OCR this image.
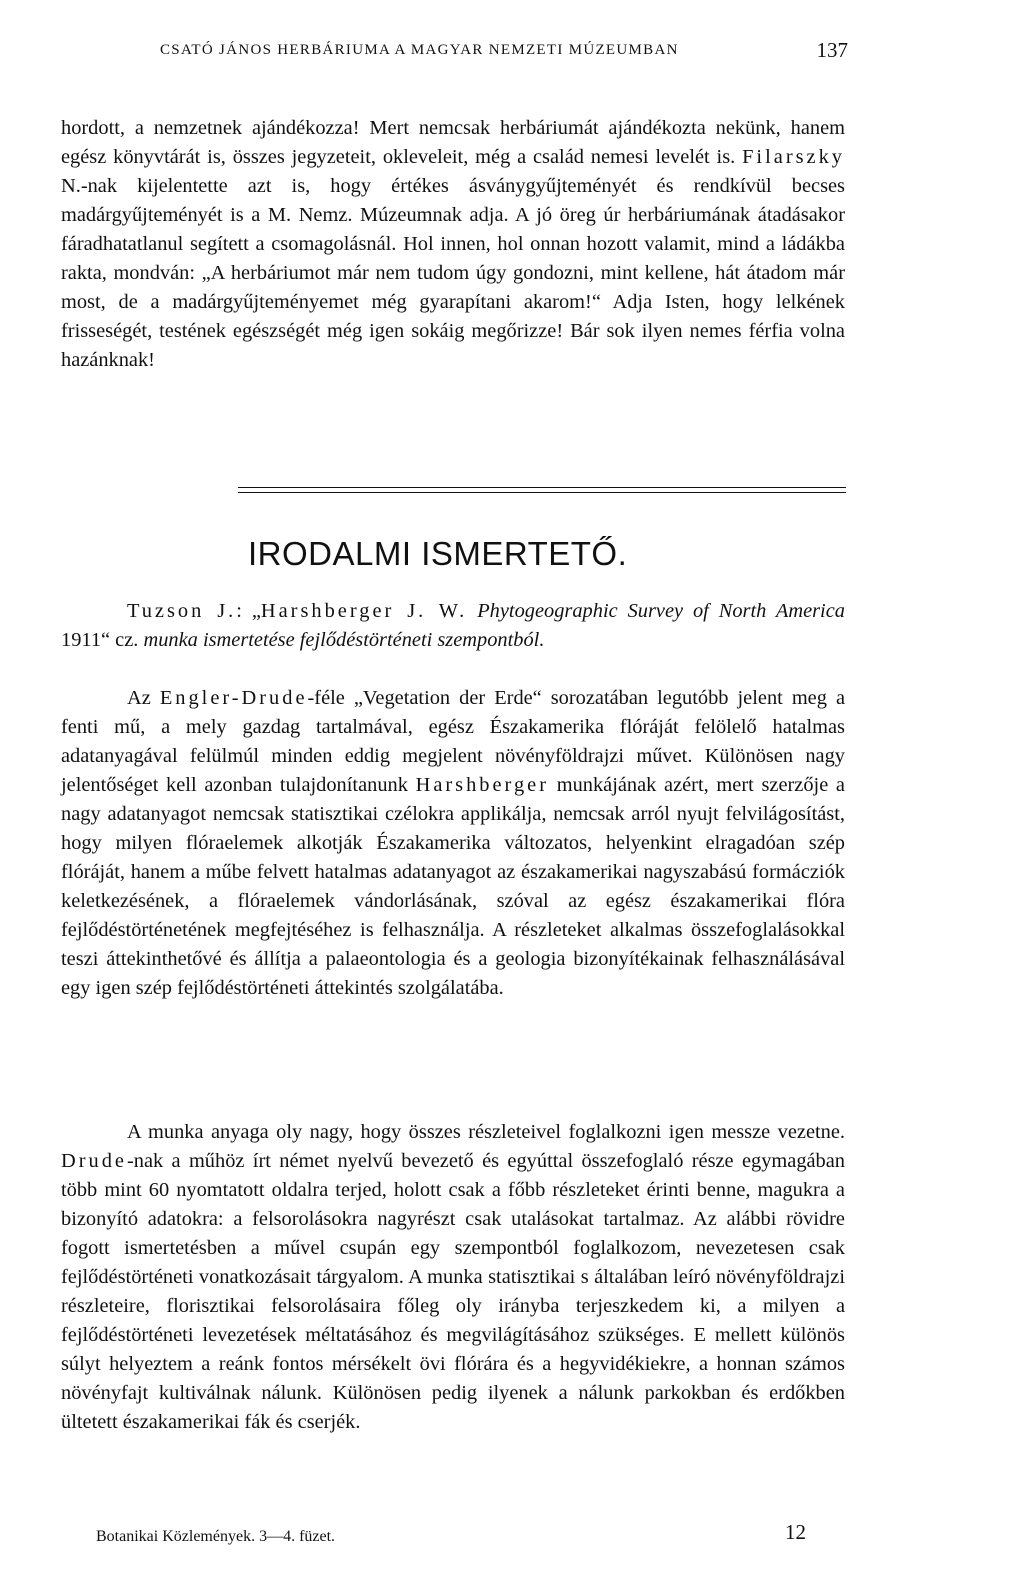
CSATÓ JÁNOS HERBÁRIUMA A MAGYAR NEMZETI MÚZEUMBAN	137

hordott, a nemzetnek ajándékozza! Mert nemcsak herbáriumát ajándékozta nekünk, hanem egész könyvtárát is, összes jegyzeteit, okleveleit, még a család nemesi levelét is. Filarszky N.-nak kijelentette azt is, hogy értékes ásványgyűjteményét és rendkívül becses madárgyűjteményét is a M. Nemz. Múzeumnak adja. A jó öreg úr herbáriumának átadásakor fáradhatatlanul segített a csomagolásnál. Hol innen, hol onnan hozott valamit, mind a ládákba rakta, mondván: „A herbáriumot már nem tudom úgy gondozni, mint kellene, hát átadom már most, de a madárgyűjteményemet még gyarapítani akarom!“ Adja Isten, hogy lelkének frisseségét, testének egészségét még igen sokáig megőrizze! Bár sok ilyen nemes férfia volna hazánknak!

IRODALMI ISMERTETŐ.

Tuzson J.: „Harshberger J. W. Phytogeographic Survey of North America 1911“ cz. munka ismertetése fejlődéstörténeti szempontból.

Az Engler-Drude-féle „Vegetation der Erde“ sorozatában legutóbb jelent meg a fenti mű, a mely gazdag tartalmával, egész Északamerika flóráját felölelő hatalmas adatanyagával felülmúl minden eddig megjelent növényföldrajzi művet. Különösen nagy jelentőséget kell azonban tulajdonítanunk Harshberger munkájának azért, mert szerzője a nagy adatanyagot nemcsak statisztikai czélokra applikálja, nemcsak arról nyujt felvilágosítást, hogy milyen flóraelemek alkotják Északamerika változatos, helyenkint elragadóan szép flóráját, hanem a műbe felvett hatalmas adatanyagot az északamerikai nagyszabású formácziók keletkezésének, a flóraelemek vándorlásának, szóval az egész északamerikai flóra fejlődéstörténetének megfejtéséhez is felhasználja. A részleteket alkalmas összefoglalásokkal teszi áttekinthetővé és állítja a palaeontologia és a geologia bizonyítékainak felhasználásával egy igen szép fejlődéstörténeti áttekintés szolgálatába.

A munka anyaga oly nagy, hogy összes részleteivel foglalkozni igen messze vezetne. Drude-nak a műhöz írt német nyelvű bevezető és egyúttal összefoglaló része egymagában több mint 60 nyomtatott oldalra terjed, holott csak a főbb részleteket érinti benne, magukra a bizonyító adatokra: a felsorolásokra nagyrészt csak utalásokat tartalmaz. Az alábbi rövidre fogott ismertetésben a művel csupán egy szempontból foglalkozom, nevezetesen csak fejlődéstörténeti vonatkozásait tárgyalom. A munka statisztikai s általában leíró növényföldrajzi részleteire, florisztikai felsorolásaira főleg oly irányba terjeszkedem ki, a milyen a fejlődéstörténeti levezetések méltatásához és megvilágításához szükséges. E mellett különös súlyt helyeztem a reánk fontos mérsékelt övi flórára és a hegyvidékiekre, a honnan számos növényfajt kultiválnak nálunk. Különösen pedig ilyenek a nálunk parkokban és erdőkben ültetett északamerikai fák és cserjék.

Botanikai Közlemények. 3—4. füzet.	12
